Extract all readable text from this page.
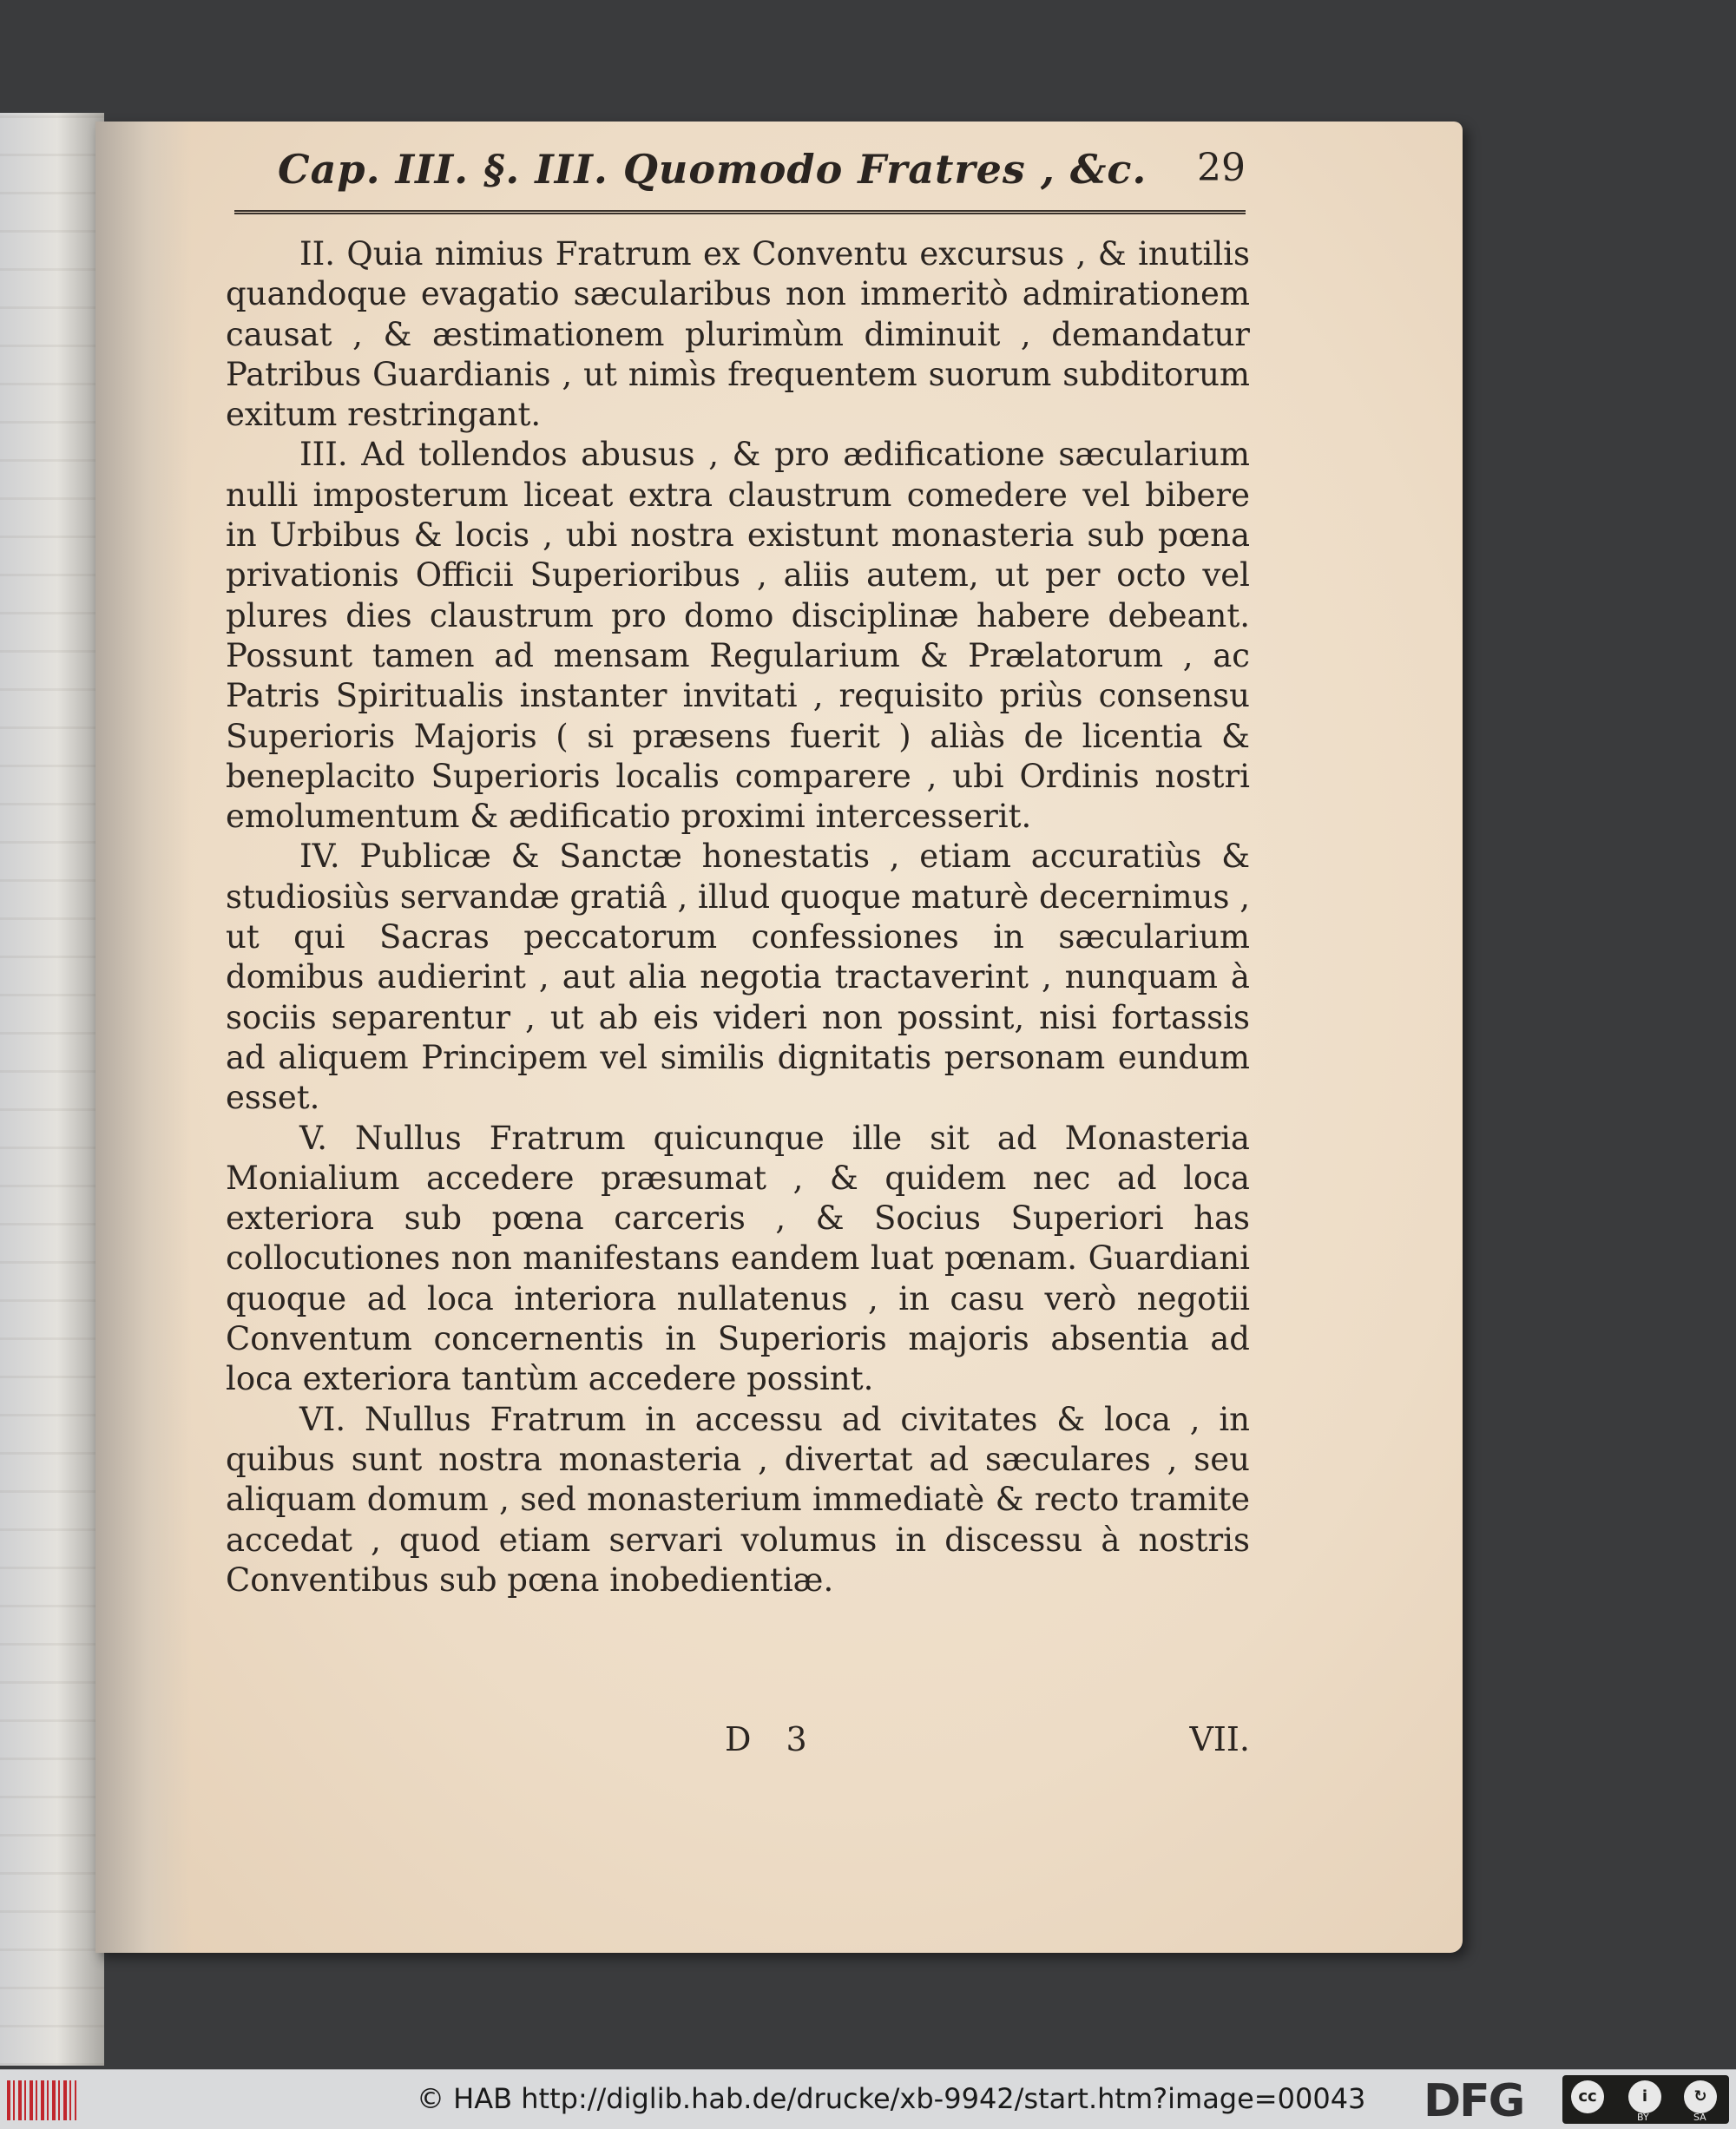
Cap. III. §. III. Quomodo Fratres , &c. 29

II. Quia nimius Fratrum ex Conventu excursus , & inutilis quandoque evagatio sæcularibus non immeritò admirationem causat , & æstimationem plurimùm diminuit , demandatur Patribus Guardianis , ut nimìs frequentem suorum subditorum exitum restringant.

III. Ad tollendos abusus , & pro ædificatione sæcularium nulli imposterum liceat extra claustrum comedere vel bibere in Urbibus & locis , ubi nostra existunt monasteria sub pœna privationis Officii Superioribus , aliis autem, ut per octo vel plures dies claustrum pro domo disciplinæ habere debeant. Possunt tamen ad mensam Regularium & Prælatorum , ac Patris Spiritualis instanter invitati , requisito priùs consensu Superioris Majoris ( si præsens fuerit ) aliàs de licentia & beneplacito Superioris localis comparere , ubi Ordinis nostri emolumentum & ædificatio proximi intercesserit.

IV. Publicæ & Sanctæ honestatis , etiam accuratiùs & studiosiùs servandæ gratiâ , illud quoque maturè decernimus , ut qui Sacras peccatorum confessiones in sæcularium domibus audierint , aut alia negotia tractaverint , nunquam à sociis separentur , ut ab eis videri non possint, nisi fortassis ad aliquem Principem vel similis dignitatis personam eundum esset.

V. Nullus Fratrum quicunque ille sit ad Monasteria Monialium accedere præsumat , & quidem nec ad loca exteriora sub pœna carceris , & Socius Superiori has collocutiones non manifestans eandem luat pœnam. Guardiani quoque ad loca interiora nullatenus , in casu verò negotii Conventum concernentis in Superioris majoris absentia ad loca exteriora tantùm accedere possint.

VI. Nullus Fratrum in accessu ad civitates & loca , in quibus sunt nostra monasteria , divertat ad sæculares , seu aliquam domum , sed monasterium immediatè & recto tramite accedat , quod etiam servari volumus in discessu à nostris Conventibus sub pœna inobedientiæ.

D 3	VII.
© HAB http://diglib.hab.de/drucke/xb-9942/start.htm?image=00043 DFG	cc	i	↻
BY	SA
